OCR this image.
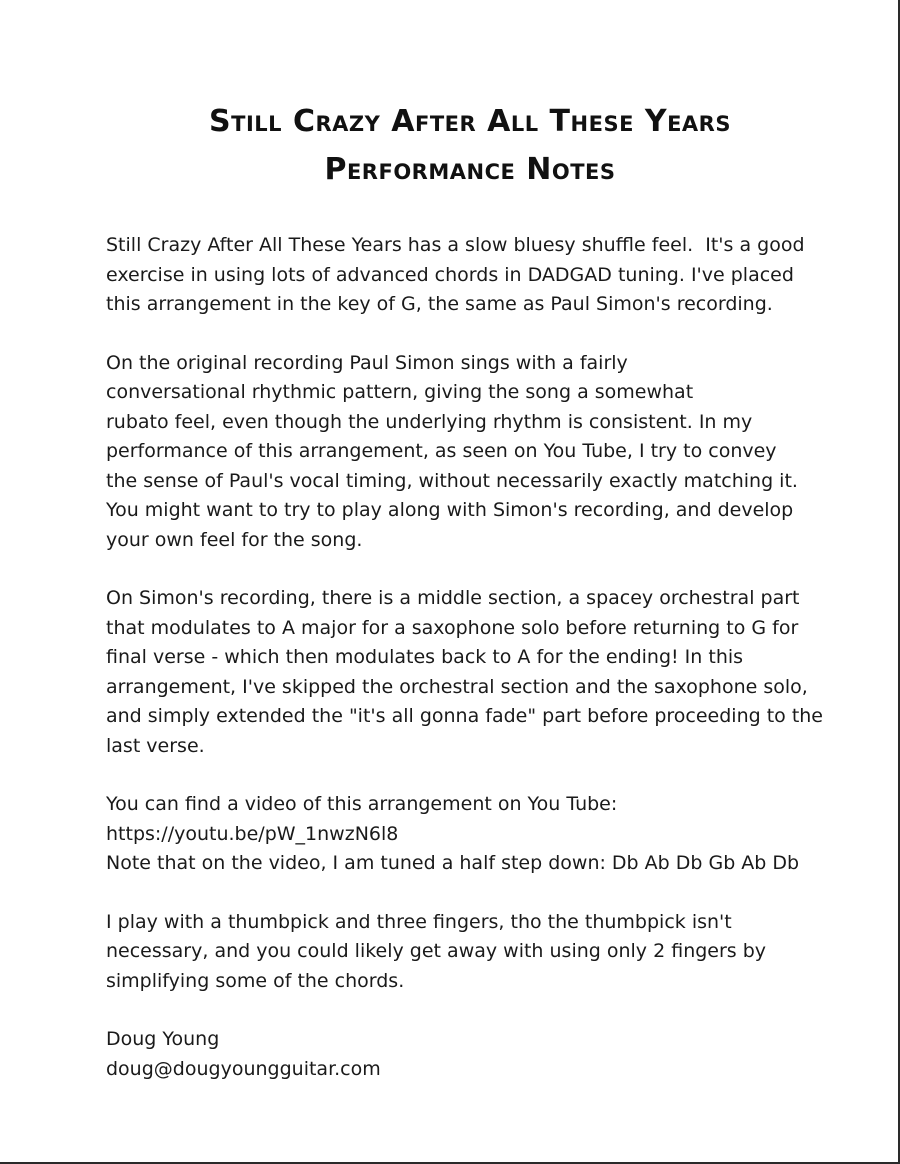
Still Crazy After All These Years
Performance Notes

Still Crazy After All These Years has a slow bluesy shuffle feel.  It's a good
exercise in using lots of advanced chords in DADGAD tuning. I've placed
this arrangement in the key of G, the same as Paul Simon's recording.

On the original recording Paul Simon sings with a fairly
conversational rhythmic pattern, giving the song a somewhat
rubato feel, even though the underlying rhythm is consistent. In my
performance of this arrangement, as seen on You Tube, I try to convey
the sense of Paul's vocal timing, without necessarily exactly matching it.
You might want to try to play along with Simon's recording, and develop
your own feel for the song.

On Simon's recording, there is a middle section, a spacey orchestral part
that modulates to A major for a saxophone solo before returning to G for
final verse - which then modulates back to A for the ending! In this
arrangement, I've skipped the orchestral section and the saxophone solo,
and simply extended the "it's all gonna fade" part before proceeding to the
last verse.

You can find a video of this arrangement on You Tube:
https://youtu.be/pW_1nwzN6l8
Note that on the video, I am tuned a half step down: Db Ab Db Gb Ab Db

I play with a thumbpick and three fingers, tho the thumbpick isn't
necessary, and you could likely get away with using only 2 fingers by
simplifying some of the chords.

Doug Young
doug@dougyoungguitar.com
